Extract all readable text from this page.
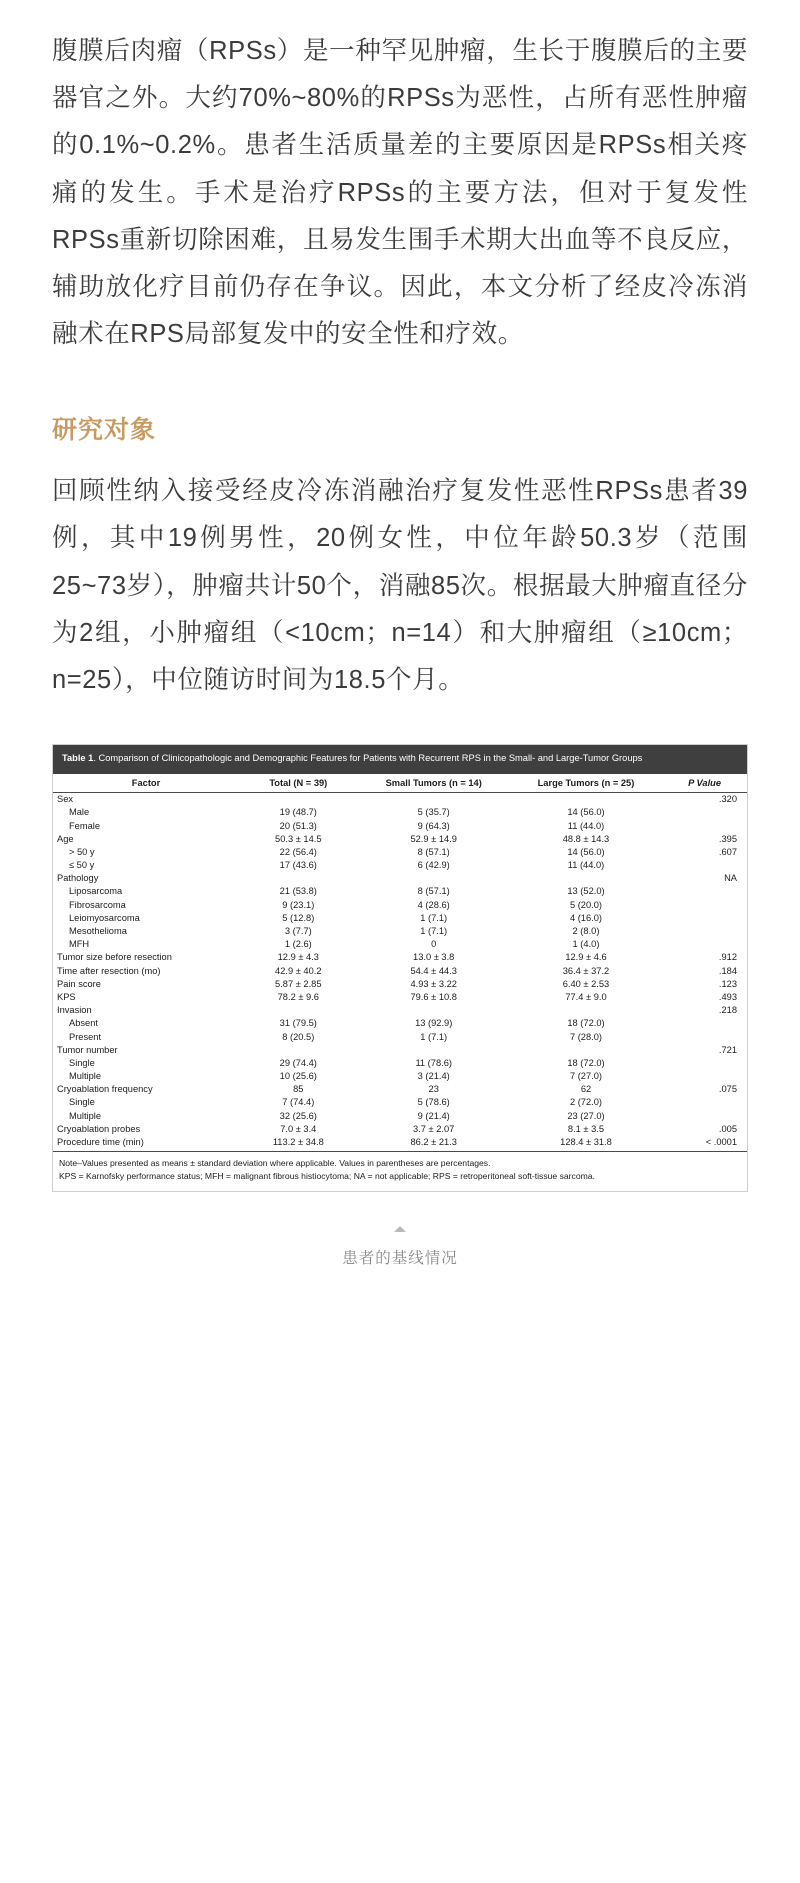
腹膜后肉瘤（RPSs）是一种罕见肿瘤，生长于腹膜后的主要器官之外。大约70%~80%的RPSs为恶性，占所有恶性肿瘤的0.1%~0.2%。患者生活质量差的主要原因是RPSs相关疼痛的发生。手术是治疗RPSs的主要方法，但对于复发性RPSs重新切除困难，且易发生围手术期大出血等不良反应，辅助放化疗目前仍存在争议。因此，本文分析了经皮冷冻消融术在RPS局部复发中的安全性和疗效。

研究对象

回顾性纳入接受经皮冷冻消融治疗复发性恶性RPSs患者39例，其中19例男性，20例女性，中位年龄50.3岁（范围25~73岁），肿瘤共计50个，消融85次。根据最大肿瘤直径分为2组，小肿瘤组（<10cm；n=14）和大肿瘤组（≥10cm；n=25），中位随访时间为18.5个月。

Table 1. Comparison of Clinicopathologic and Demographic Features for Patients with Recurrent RPS in the Small- and Large-Tumor Groups
Factor	Total (N = 39)	Small Tumors (n = 14)	Large Tumors (n = 25)	P Value
Sex				.320
Male	19 (48.7)	5 (35.7)	14 (56.0)	
Female	20 (51.3)	9 (64.3)	11 (44.0)	
Age	50.3 ± 14.5	52.9 ± 14.9	48.8 ± 14.3	.395
> 50 y	22 (56.4)	8 (57.1)	14 (56.0)	.607
≤ 50 y	17 (43.6)	6 (42.9)	11 (44.0)	
Pathology				NA
Liposarcoma	21 (53.8)	8 (57.1)	13 (52.0)	
Fibrosarcoma	9 (23.1)	4 (28.6)	5 (20.0)	
Leiomyosarcoma	5 (12.8)	1 (7.1)	4 (16.0)	
Mesothelioma	3 (7.7)	1 (7.1)	2 (8.0)	
MFH	1 (2.6)	0	1 (4.0)	
Tumor size before resection	12.9 ± 4.3	13.0 ± 3.8	12.9 ± 4.6	.912
Time after resection (mo)	42.9 ± 40.2	54.4 ± 44.3	36.4 ± 37.2	.184
Pain score	5.87 ± 2.85	4.93 ± 3.22	6.40 ± 2.53	.123
KPS	78.2 ± 9.6	79.6 ± 10.8	77.4 ± 9.0	.493
Invasion				.218
Absent	31 (79.5)	13 (92.9)	18 (72.0)	
Present	8 (20.5)	1 (7.1)	7 (28.0)	
Tumor number				.721
Single	29 (74.4)	11 (78.6)	18 (72.0)	
Multiple	10 (25.6)	3 (21.4)	7 (27.0)	
Cryoablation frequency	85	23	62	.075
Single	7 (74.4)	5 (78.6)	2 (72.0)	
Multiple	32 (25.6)	9 (21.4)	23 (27.0)	
Cryoablation probes	7.0 ± 3.4	3.7 ± 2.07	8.1 ± 3.5	.005
Procedure time (min)	113.2 ± 34.8	86.2 ± 21.3	128.4 ± 31.8	< .0001
Note–Values presented as means ± standard deviation where applicable. Values in parentheses are percentages.
KPS = Karnofsky performance status; MFH = malignant fibrous histiocytoma; NA = not applicable; RPS = retroperitoneal soft-tissue sarcoma.
患者的基线情况
